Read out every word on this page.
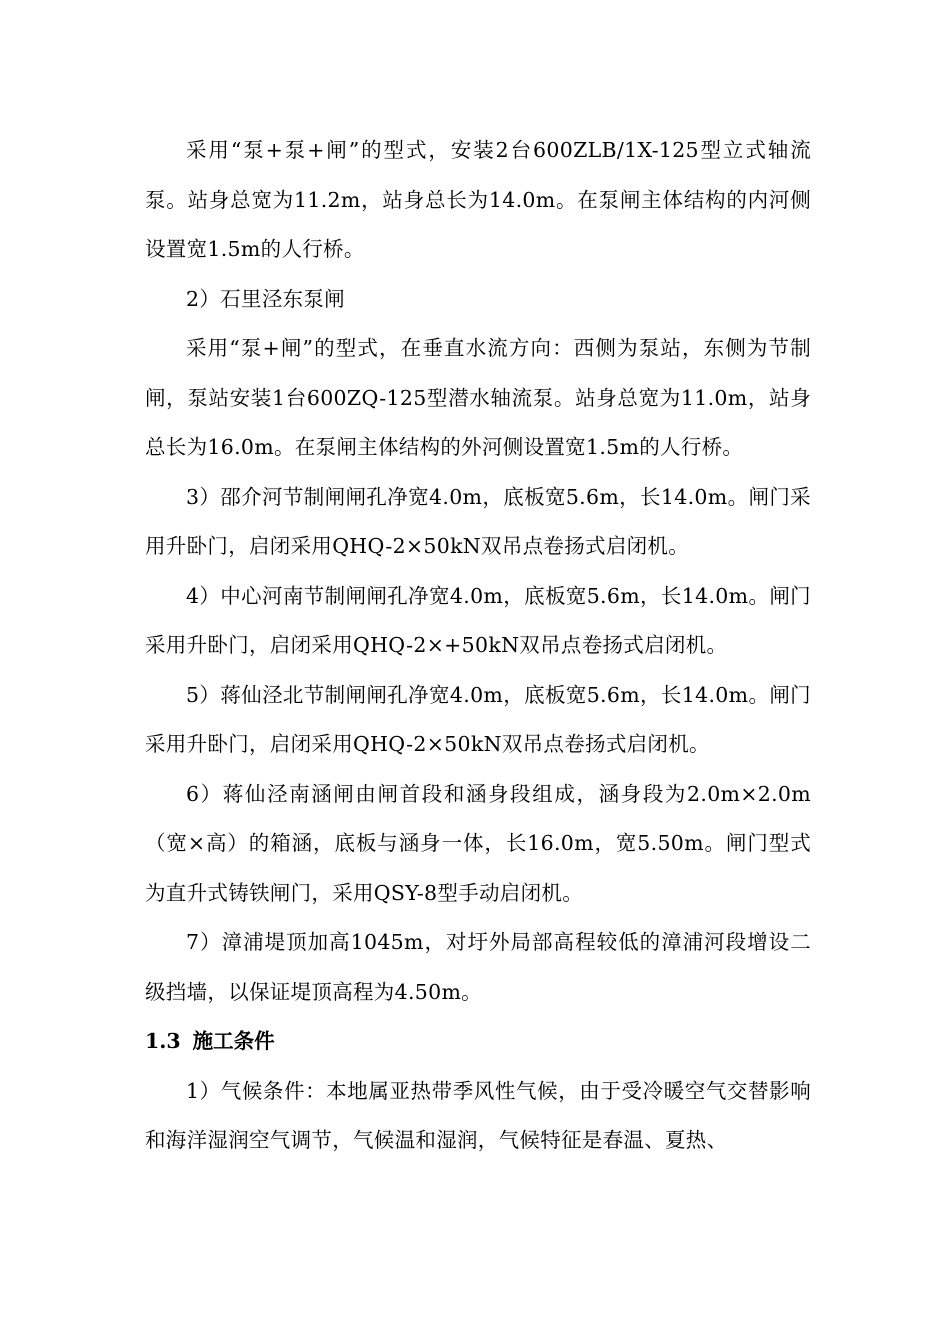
采用“泵+泵+闸”的型式，安装2台600ZLB/1X-125型立式轴流泵。站身总宽为11.2m，站身总长为14.0m。在泵闸主体结构的内河侧设置宽1.5m的人行桥。

2）石里泾东泵闸

采用“泵+闸”的型式，在垂直水流方向：西侧为泵站，东侧为节制闸，泵站安装1台600ZQ-125型潜水轴流泵。站身总宽为11.0m，站身总长为16.0m。在泵闸主体结构的外河侧设置宽1.5m的人行桥。

3）邵介河节制闸闸孔净宽4.0m，底板宽5.6m，长14.0m。闸门采用升卧门，启闭采用QHQ-2×50kN双吊点卷扬式启闭机。

4）中心河南节制闸闸孔净宽4.0m，底板宽5.6m，长14.0m。闸门采用升卧门，启闭采用QHQ-2×+50kN双吊点卷扬式启闭机。

5）蒋仙泾北节制闸闸孔净宽4.0m，底板宽5.6m，长14.0m。闸门采用升卧门，启闭采用QHQ-2×50kN双吊点卷扬式启闭机。

6）蒋仙泾南涵闸由闸首段和涵身段组成，涵身段为2.0m×2.0m（宽×高）的箱涵，底板与涵身一体，长16.0m，宽5.50m。闸门型式为直升式铸铁闸门，采用QSY-8型手动启闭机。

7）漳浦堤顶加高1045m，对圩外局部高程较低的漳浦河段增设二级挡墙，以保证堤顶高程为4.50m。

1.3 施工条件

1）气候条件：本地属亚热带季风性气候，由于受冷暖空气交替影响和海洋湿润空气调节，气候温和湿润，气候特征是春温、夏热、
